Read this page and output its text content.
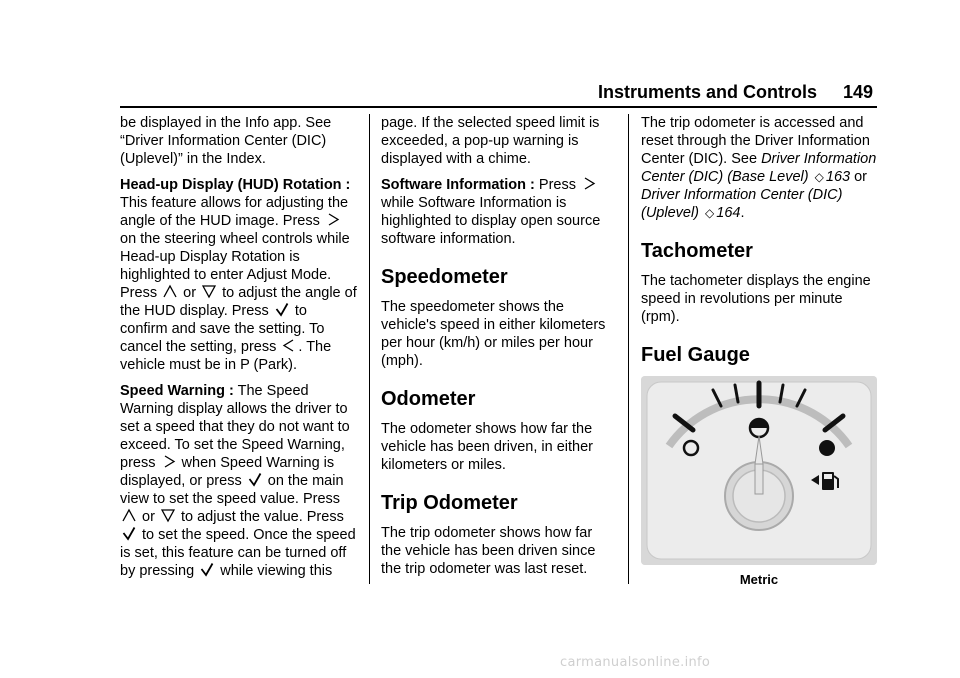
Instruments and Controls 149

be displayed in the Info app. See “Driver Information Center (DIC) (Uplevel)” in the Index.

Head-up Display (HUD) Rotation :
This feature allows for adjusting the angle of the HUD image. Press
on the steering wheel controls while Head-up Display Rotation is highlighted to enter Adjust Mode. Press or to adjust the angle of the HUD display. Press to confirm and save the setting. To cancel the setting, press . The vehicle must be in P (Park).

Speed Warning : The Speed Warning display allows the driver to set a speed that they do not want to exceed. To set the Speed Warning, press when Speed Warning is displayed, or press on the main view to set the speed value. Press
or to adjust the value. Press
to set the speed. Once the speed is set, this feature can be turned off by pressing while viewing this

page. If the selected speed limit is exceeded, a pop-up warning is displayed with a chime.

Software Information : Press
while Software Information is highlighted to display open source software information.

Speedometer

The speedometer shows the vehicle's speed in either kilometers per hour (km/h) or miles per hour (mph).

Odometer

The odometer shows how far the vehicle has been driven, in either kilometers or miles.

Trip Odometer

The trip odometer shows how far the vehicle has been driven since the trip odometer was last reset.

The trip odometer is accessed and reset through the Driver Information Center (DIC). See Driver Information Center (DIC) (Base Level) ◇ 163 or Driver Information Center (DIC) (Uplevel) ◇ 164.

Tachometer

The tachometer displays the engine speed in revolutions per minute (rpm).

Fuel Gauge
Metric
carmanualsonline.info
